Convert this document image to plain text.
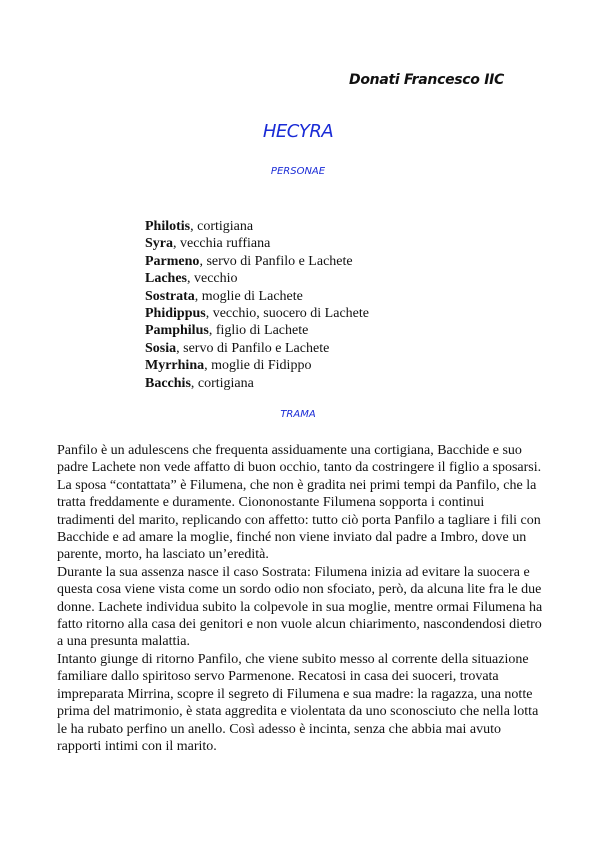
Donati Francesco IIC
HECYRA
PERSONAE
Philotis, cortigiana
Syra, vecchia ruffiana
Parmeno, servo di Panfilo e Lachete
Laches, vecchio
Sostrata, moglie di Lachete
Phidippus, vecchio, suocero di Lachete
Pamphilus, figlio di Lachete
Sosia, servo di Panfilo e Lachete
Myrrhina, moglie di Fidippo
Bacchis, cortigiana
TRAMA

Panfilo è un adulescens che frequenta assiduamente una cortigiana, Bacchide e suo padre Lachete non vede affatto di buon occhio, tanto da costringere il figlio a sposarsi. La sposa “contattata” è Filumena, che non è gradita nei primi tempi da Panfilo, che la tratta freddamente e duramente. Ciononostante Filumena sopporta i continui tradimenti del marito, replicando con affetto: tutto ciò porta Panfilo a tagliare i fili con Bacchide e ad amare la moglie, finché non viene inviato dal padre a Imbro, dove un parente, morto, ha lasciato un’eredità.

Durante la sua assenza nasce il caso Sostrata: Filumena inizia ad evitare la suocera e questa cosa viene vista come un sordo odio non sfociato, però, da alcuna lite fra le due donne. Lachete individua subito la colpevole in sua moglie, mentre ormai Filumena ha fatto ritorno alla casa dei genitori e non vuole alcun chiarimento, nascondendosi dietro a una presunta malattia.

Intanto giunge di ritorno Panfilo, che viene subito messo al corrente della situazione familiare dallo spiritoso servo Parmenone. Recatosi in casa dei suoceri, trovata impreparata Mirrina, scopre il segreto di Filumena e sua madre: la ragazza, una notte prima del matrimonio, è stata aggredita e violentata da uno sconosciuto che nella lotta le ha rubato perfino un anello. Così adesso è incinta, senza che abbia mai avuto rapporti intimi con il marito.
